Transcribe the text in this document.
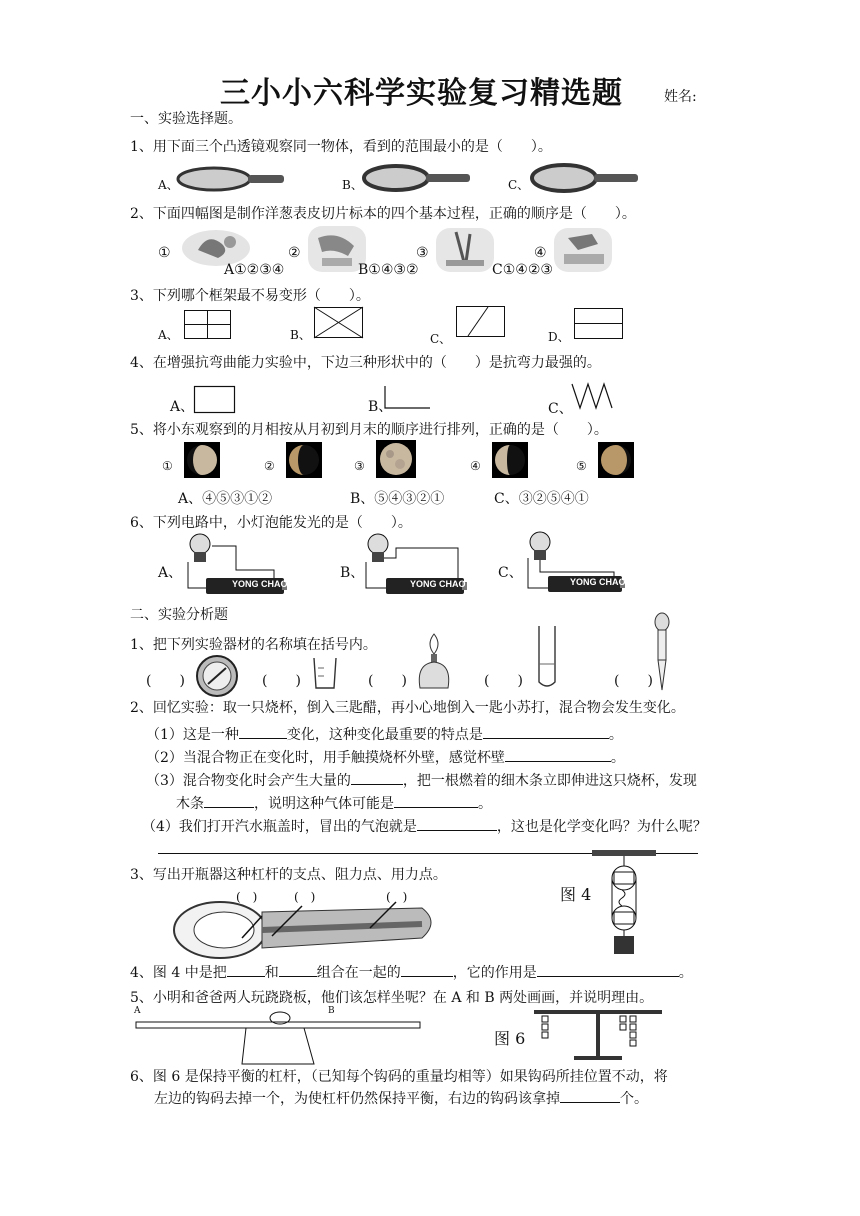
三小小六科学实验复习精选题	姓名:
一、实验选择题。
1、用下面三个凸透镜观察同一物体，看到的范围最小的是（　　）。
A、	B、	C、
2、下面四幅图是制作洋葱表皮切片标本的四个基本过程，正确的顺序是（　　）。
①	②	③	④
A①②③④	B①④③②	C①④②③
3、下列哪个框架最不易变形（　　）。
A、	B、	C、	D、
4、在增强抗弯曲能力实验中，下边三种形状中的（　　）是抗弯力最强的。
A、	B、	C、
5、将小东观察到的月相按从月初到月末的顺序进行排列，正确的是（　　）。
①	②	③	④	⑤
A、④⑤③①②	B、⑤④③②①	C、③②⑤④①
6、下列电路中，小灯泡能发光的是（　　）。
A、	B、	C、
YONG CHAO	YONG CHAO	YONG CHAO
二、实验分析题
1、把下列实验器材的名称填在括号内。
(　　)	(　　)	(　　)	(　　)	(　　)
2、回忆实验：取一只烧杯，倒入三匙醋，再小心地倒入一匙小苏打，混合物会发生变化。
（1）这是一种	变化，这种变化最重要的特点是	。
（2）当混合物正在变化时，用手触摸烧杯外壁，感觉杯壁	。
（3）混合物变化时会产生大量的	，把一根燃着的细木条立即伸进这只烧杯，发现
木条	，说明这种气体可能是	。
（4）我们打开汽水瓶盖时，冒出的气泡就是	，这也是化学变化吗？为什么呢？
图 4
3、写出开瓶器这种杠杆的支点、阻力点、用力点。
(　)	(　)	(　)
4、图 4 中是把	和	组合在一起的	，它的作用是	。
5、小明和爸爸两人玩跷跷板，他们该怎样坐呢？在 A 和 B 两处画画，并说明理由。
A	B
图 6
6、图 6 是保持平衡的杠杆，（已知每个钩码的重量均相等）如果钩码所挂位置不动，将
左边的钩码去掉一个，为使杠杆仍然保持平衡，右边的钩码该拿掉	个。
